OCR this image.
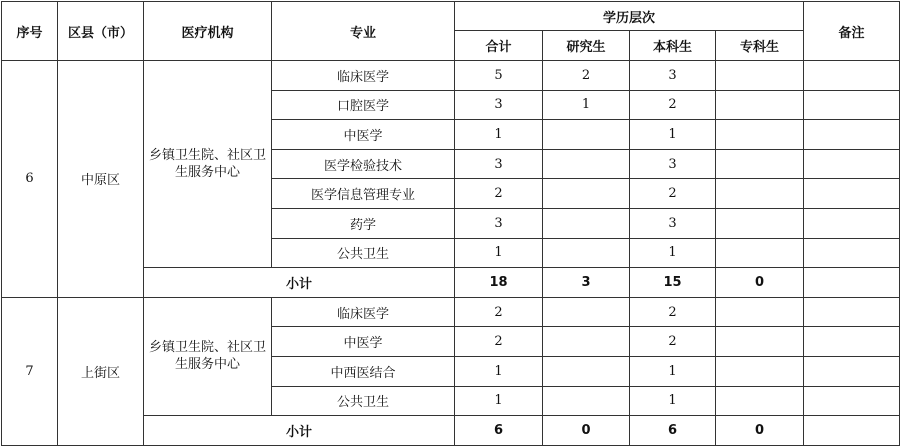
序号	区县（市）	医疗机构	专业	学历层次				备注
				合计	研究生	本科生	专科生	
6	中原区	乡镇卫生院、社区卫生服务中心	临床医学	5	2	3		
			口腔医学	3	1	2		
			中医学	1		1		
			医学检验技术	3		3		
			医学信息管理专业	2		2		
			药学	3		3		
			公共卫生	1		1		
		小计		18	3	15	0	
7	上街区	乡镇卫生院、社区卫生服务中心	临床医学	2		2		
			中医学	2		2		
			中西医结合	1		1		
			公共卫生	1		1		
		小计		6	0	6	0	
